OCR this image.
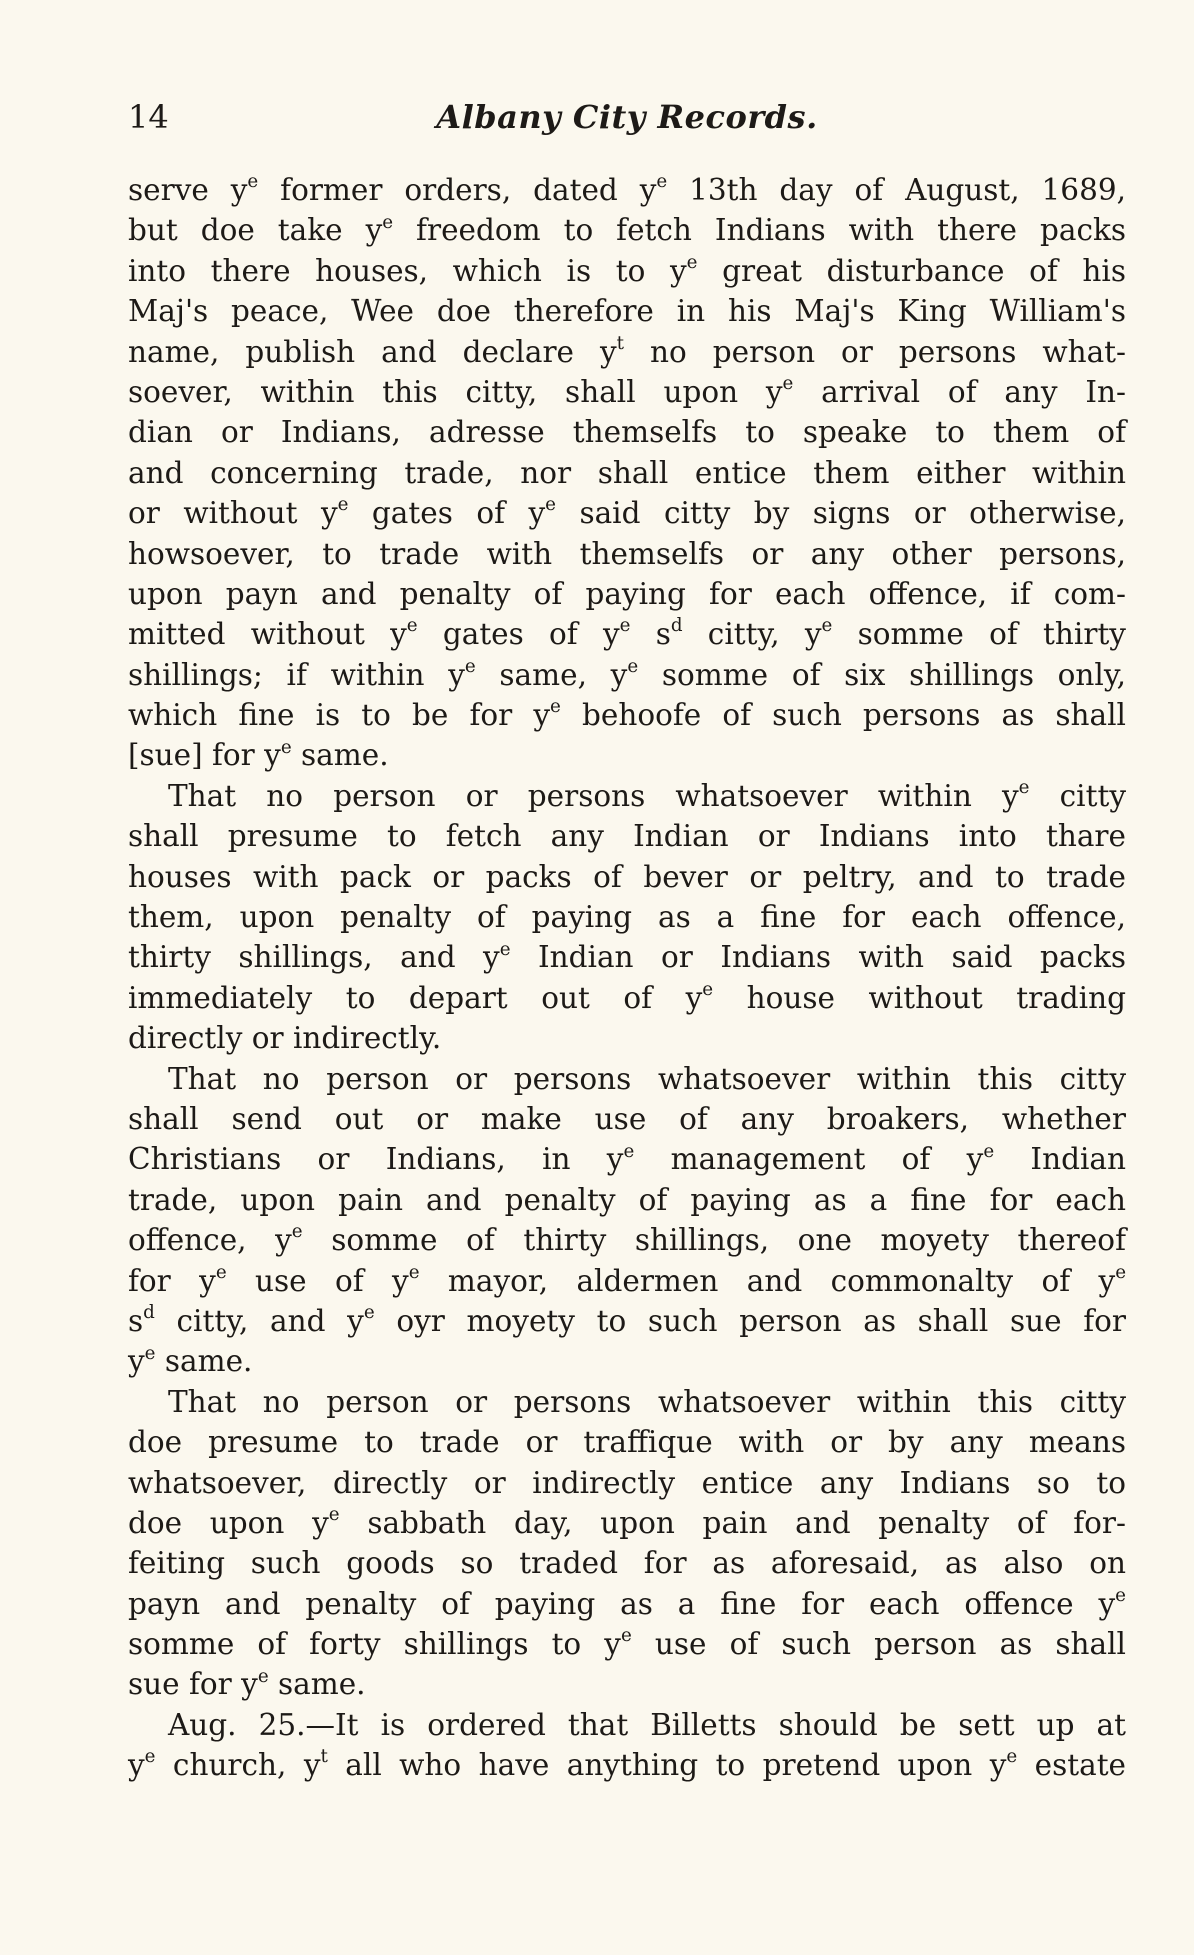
14	Albany City Records.
serve $y^e$ former orders, dated $y^e$ 13th day of August, 1689,
but doe take $y^e$ freedom to fetch Indians with there packs
into there houses, which is to $y^e$ great disturbance of his
Maj's peace, Wee doe therefore in his Maj's King William's
name, publish and declare $y^t$ no person or persons what-
soever, within this citty, shall upon $y^e$ arrival of any In-
dian or Indians, adresse themselfs to speake to them of
and concerning trade, nor shall entice them either within
or without $y^e$ gates of $y^e$ said citty by signs or otherwise,
howsoever, to trade with themselfs or any other persons,
upon payn and penalty of paying for each offence, if com-
mitted without $y^e$ gates of $y^e$ $s^d$ citty, $y^e$ somme of thirty
shillings; if within $y^e$ same, $y^e$ somme of six shillings only,
which fine is to be for $y^e$ behoofe of such persons as shall
[sue] for $y^e$ same.
That no person or persons whatsoever within $y^e$ citty
shall presume to fetch any Indian or Indians into thare
houses with pack or packs of bever or peltry, and to trade
them, upon penalty of paying as a fine for each offence,
thirty shillings, and $y^e$ Indian or Indians with said packs
immediately to depart out of $y^e$ house without trading
directly or indirectly.
That no person or persons whatsoever within this citty
shall send out or make use of any broakers, whether
Christians or Indians, in $y^e$ management of $y^e$ Indian
trade, upon pain and penalty of paying as a fine for each
offence, $y^e$ somme of thirty shillings, one moyety thereof
for $y^e$ use of $y^e$ mayor, aldermen and commonalty of $y^e$
$s^d$ citty, and $y^e$ oyr moyety to such person as shall sue for
$y^e$ same.
That no person or persons whatsoever within this citty
doe presume to trade or traffique with or by any means
whatsoever, directly or indirectly entice any Indians so to
doe upon $y^e$ sabbath day, upon pain and penalty of for-
feiting such goods so traded for as aforesaid, as also on
payn and penalty of paying as a fine for each offence $y^e$
somme of forty shillings to $y^e$ use of such person as shall
sue for $y^e$ same.
Aug. 25.—It is ordered that Billetts should be sett up at
$y^e$ church, $y^t$ all who have anything to pretend upon $y^e$ estate
